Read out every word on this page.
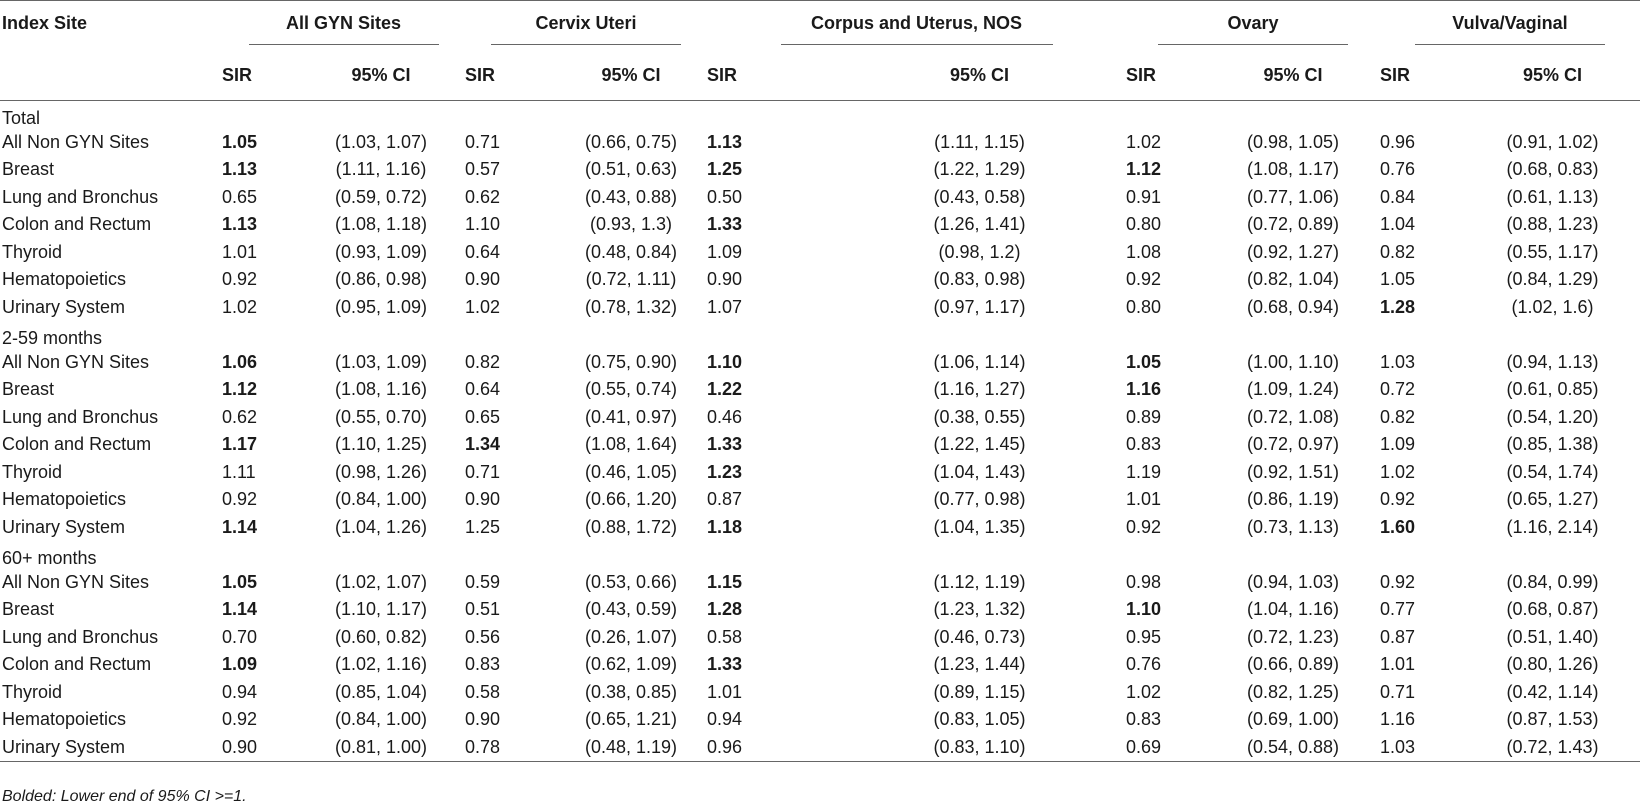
Index Site	All GYN Sites		Cervix Uteri		Corpus and Uterus, NOS		Ovary		Vulva/Vaginal	

	SIR	95% CI	SIR	95% CI	SIR	95% CI	SIR	95% CI	SIR	95% CI
Total										
All Non GYN Sites	1.05	(1.03, 1.07)	0.71	(0.66, 0.75)	1.13	(1.11, 1.15)	1.02	(0.98, 1.05)	0.96	(0.91, 1.02)
Breast	1.13	(1.11, 1.16)	0.57	(0.51, 0.63)	1.25	(1.22, 1.29)	1.12	(1.08, 1.17)	0.76	(0.68, 0.83)
Lung and Bronchus	0.65	(0.59, 0.72)	0.62	(0.43, 0.88)	0.50	(0.43, 0.58)	0.91	(0.77, 1.06)	0.84	(0.61, 1.13)
Colon and Rectum	1.13	(1.08, 1.18)	1.10	(0.93, 1.3)	1.33	(1.26, 1.41)	0.80	(0.72, 0.89)	1.04	(0.88, 1.23)
Thyroid	1.01	(0.93, 1.09)	0.64	(0.48, 0.84)	1.09	(0.98, 1.2)	1.08	(0.92, 1.27)	0.82	(0.55, 1.17)
Hematopoietics	0.92	(0.86, 0.98)	0.90	(0.72, 1.11)	0.90	(0.83, 0.98)	0.92	(0.82, 1.04)	1.05	(0.84, 1.29)
Urinary System	1.02	(0.95, 1.09)	1.02	(0.78, 1.32)	1.07	(0.97, 1.17)	0.80	(0.68, 0.94)	1.28	(1.02, 1.6)
2-59 months										
All Non GYN Sites	1.06	(1.03, 1.09)	0.82	(0.75, 0.90)	1.10	(1.06, 1.14)	1.05	(1.00, 1.10)	1.03	(0.94, 1.13)
Breast	1.12	(1.08, 1.16)	0.64	(0.55, 0.74)	1.22	(1.16, 1.27)	1.16	(1.09, 1.24)	0.72	(0.61, 0.85)
Lung and Bronchus	0.62	(0.55, 0.70)	0.65	(0.41, 0.97)	0.46	(0.38, 0.55)	0.89	(0.72, 1.08)	0.82	(0.54, 1.20)
Colon and Rectum	1.17	(1.10, 1.25)	1.34	(1.08, 1.64)	1.33	(1.22, 1.45)	0.83	(0.72, 0.97)	1.09	(0.85, 1.38)
Thyroid	1.11	(0.98, 1.26)	0.71	(0.46, 1.05)	1.23	(1.04, 1.43)	1.19	(0.92, 1.51)	1.02	(0.54, 1.74)
Hematopoietics	0.92	(0.84, 1.00)	0.90	(0.66, 1.20)	0.87	(0.77, 0.98)	1.01	(0.86, 1.19)	0.92	(0.65, 1.27)
Urinary System	1.14	(1.04, 1.26)	1.25	(0.88, 1.72)	1.18	(1.04, 1.35)	0.92	(0.73, 1.13)	1.60	(1.16, 2.14)
60+ months										
All Non GYN Sites	1.05	(1.02, 1.07)	0.59	(0.53, 0.66)	1.15	(1.12, 1.19)	0.98	(0.94, 1.03)	0.92	(0.84, 0.99)
Breast	1.14	(1.10, 1.17)	0.51	(0.43, 0.59)	1.28	(1.23, 1.32)	1.10	(1.04, 1.16)	0.77	(0.68, 0.87)
Lung and Bronchus	0.70	(0.60, 0.82)	0.56	(0.26, 1.07)	0.58	(0.46, 0.73)	0.95	(0.72, 1.23)	0.87	(0.51, 1.40)
Colon and Rectum	1.09	(1.02, 1.16)	0.83	(0.62, 1.09)	1.33	(1.23, 1.44)	0.76	(0.66, 0.89)	1.01	(0.80, 1.26)
Thyroid	0.94	(0.85, 1.04)	0.58	(0.38, 0.85)	1.01	(0.89, 1.15)	1.02	(0.82, 1.25)	0.71	(0.42, 1.14)
Hematopoietics	0.92	(0.84, 1.00)	0.90	(0.65, 1.21)	0.94	(0.83, 1.05)	0.83	(0.69, 1.00)	1.16	(0.87, 1.53)
Urinary System	0.90	(0.81, 1.00)	0.78	(0.48, 1.19)	0.96	(0.83, 1.10)	0.69	(0.54, 0.88)	1.03	(0.72, 1.43)
Bolded: Lower end of 95% CI >=1.
